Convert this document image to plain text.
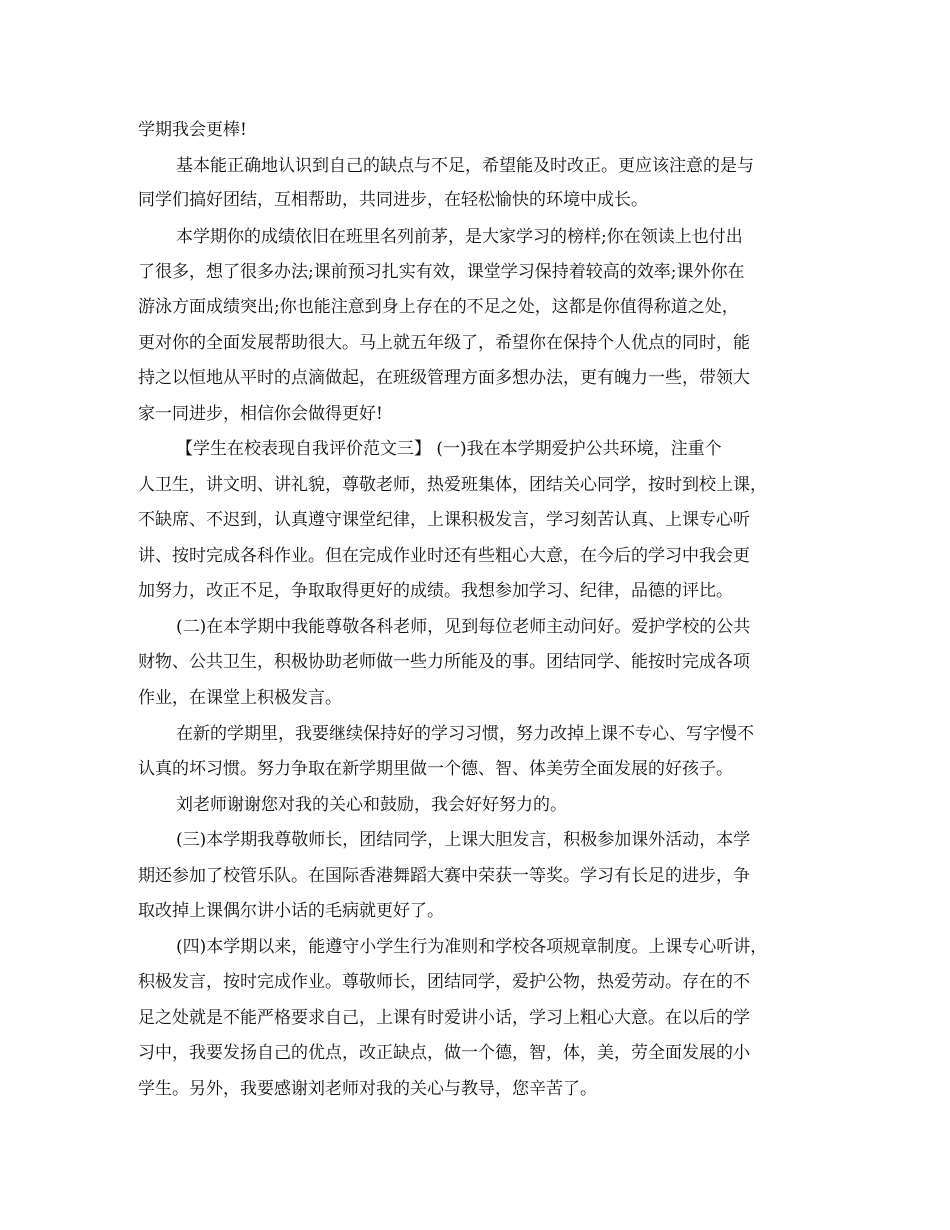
学期我会更棒!

基本能正确地认识到自己的缺点与不足，希望能及时改正。更应该注意的是与

同学们搞好团结，互相帮助，共同进步，在轻松愉快的环境中成长。

本学期你的成绩依旧在班里名列前茅，是大家学习的榜样;你在领读上也付出

了很多，想了很多办法;课前预习扎实有效，课堂学习保持着较高的效率;课外你在

游泳方面成绩突出;你也能注意到身上存在的不足之处，这都是你值得称道之处，

更对你的全面发展帮助很大。马上就五年级了，希望你在保持个人优点的同时，能

持之以恒地从平时的点滴做起，在班级管理方面多想办法，更有魄力一些，带领大

家一同进步，相信你会做得更好!

【学生在校表现自我评价范文三】 (一)我在本学期爱护公共环境，注重个

人卫生，讲文明、讲礼貌，尊敬老师，热爱班集体，团结关心同学，按时到校上课，

不缺席、不迟到，认真遵守课堂纪律，上课积极发言，学习刻苦认真、上课专心听

讲、按时完成各科作业。但在完成作业时还有些粗心大意，在今后的学习中我会更

加努力，改正不足，争取取得更好的成绩。我想参加学习、纪律，品德的评比。

(二)在本学期中我能尊敬各科老师，见到每位老师主动问好。爱护学校的公共

财物、公共卫生，积极协助老师做一些力所能及的事。团结同学、能按时完成各项

作业，在课堂上积极发言。

在新的学期里，我要继续保持好的学习习惯，努力改掉上课不专心、写字慢不

认真的坏习惯。努力争取在新学期里做一个德、智、体美劳全面发展的好孩子。

刘老师谢谢您对我的关心和鼓励，我会好好努力的。

(三)本学期我尊敬师长，团结同学，上课大胆发言，积极参加课外活动，本学

期还参加了校管乐队。在国际香港舞蹈大赛中荣获一等奖。学习有长足的进步，争

取改掉上课偶尔讲小话的毛病就更好了。

(四)本学期以来，能遵守小学生行为准则和学校各项规章制度。上课专心听讲，

积极发言，按时完成作业。尊敬师长，团结同学，爱护公物，热爱劳动。存在的不

足之处就是不能严格要求自己，上课有时爱讲小话，学习上粗心大意。在以后的学

习中，我要发扬自己的优点，改正缺点，做一个德，智，体，美，劳全面发展的小

学生。另外，我要感谢刘老师对我的关心与教导，您辛苦了。
